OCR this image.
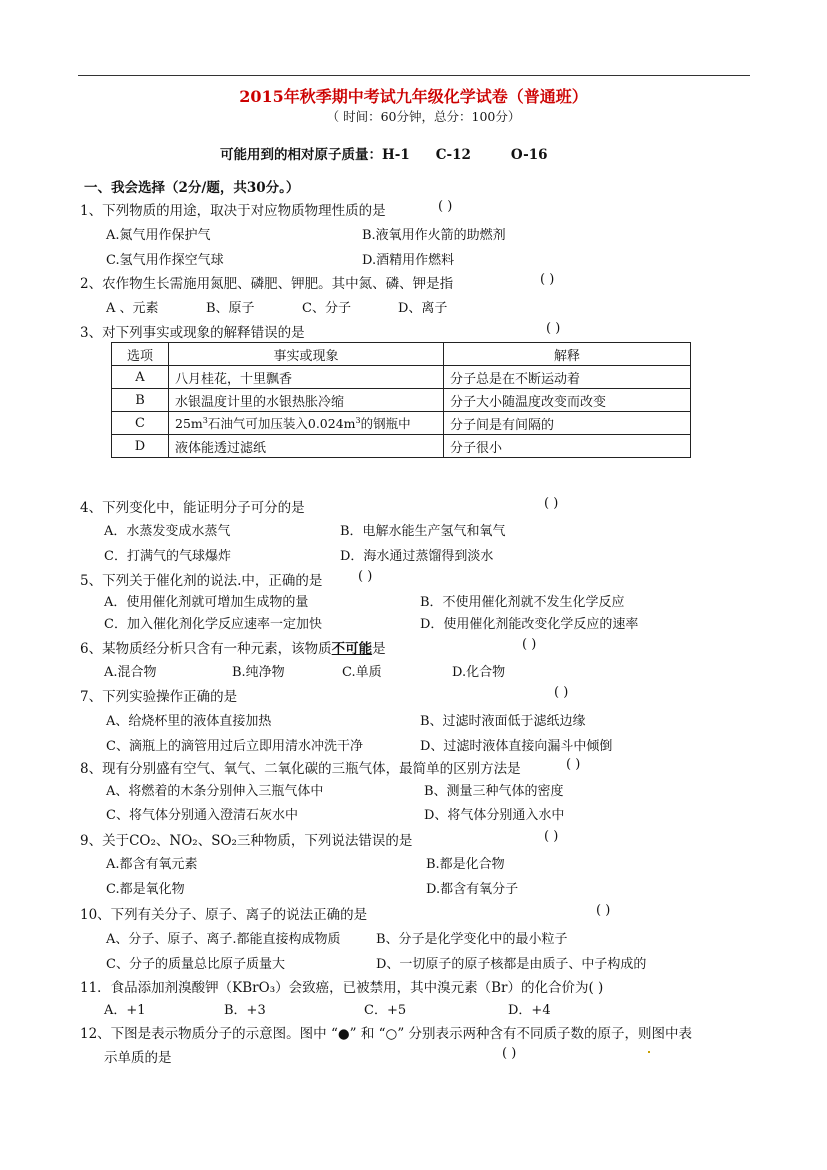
2015年秋季期中考试九年级化学试卷（普通班）
（ 时间：60分钟，总分：100分）
可能用到的相对原子质量：H-1 C-12	O-16
一、我会选择（2分/题，共30分。）
1、下列物质的用途，取决于对应物质物理性质的是	( )
A.氮气用作保护气	B.液氧用作火箭的助燃剂
C.氢气用作探空气球	D.酒精用作燃料
2、农作物生长需施用氮肥、磷肥、钾肥。其中氮、磷、钾是指	( )
A 、元素	B、原子	C、分子	D、离子
3、对下列事实或现象的解释错误的是	( )
选项	事实或现象	解释
A	八月桂花，十里飘香	分子总是在不断运动着
B	水银温度计里的水银热胀冷缩	分子大小随温度改变而改变
C	$25m^3$石油气可加压装入$0.024m^3$的钢瓶中	分子间是有间隔的
D	液体能透过滤纸	分子很小
4、下列变化中，能证明分子可分的是	( )
A．水蒸发变成水蒸气	B．电解水能生产氢气和氧气
C．打满气的气球爆炸	D．海水通过蒸馏得到淡水
5、下列关于催化剂的说法.中，正确的是	( )
A．使用催化剂就可增加生成物的量	B．不使用催化剂就不发生化学反应
C．加入催化剂化学反应速率一定加快	D．使用催化剂能改变化学反应的速率
6、某物质经分析只含有一种元素，该物质不可能是	( )
A.混合物	B.纯净物	C.单质	D.化合物
7、下列实验操作正确的是	( )
A、给烧杯里的液体直接加热	B、过滤时液面低于滤纸边缘
C、滴瓶上的滴管用过后立即用清水冲洗干净	D、过滤时液体直接向漏斗中倾倒
8、现有分别盛有空气、氧气、二氧化碳的三瓶气体，最简单的区别方法是	( )
A、将燃着的木条分别伸入三瓶气体中	B、测量三种气体的密度
C、将气体分别通入澄清石灰水中	D、将气体分别通入水中
9、关于CO₂、NO₂、SO₂三种物质，下列说法错误的是	( )
A.都含有氧元素	B.都是化合物
C.都是氧化物	D.都含有氧分子
10、下列有关分子、原子、离子的说法正确的是	( )
A、分子、原子、离子.都能直接构成物质	B、分子是化学变化中的最小粒子
C、分子的质量总比原子质量大	D、一切原子的原子核都是由质子、中子构成的
11．食品添加剂溴酸钾（KBrO₃）会致癌，已被禁用，其中溴元素（Br）的化合价为( )
A．+1	B．+3	C．+5	D．+4
12、下图是表示物质分子的示意图。图中 “●” 和 “○” 分别表示两种含有不同质子数的原子，则图中表
示单质的是	( )
